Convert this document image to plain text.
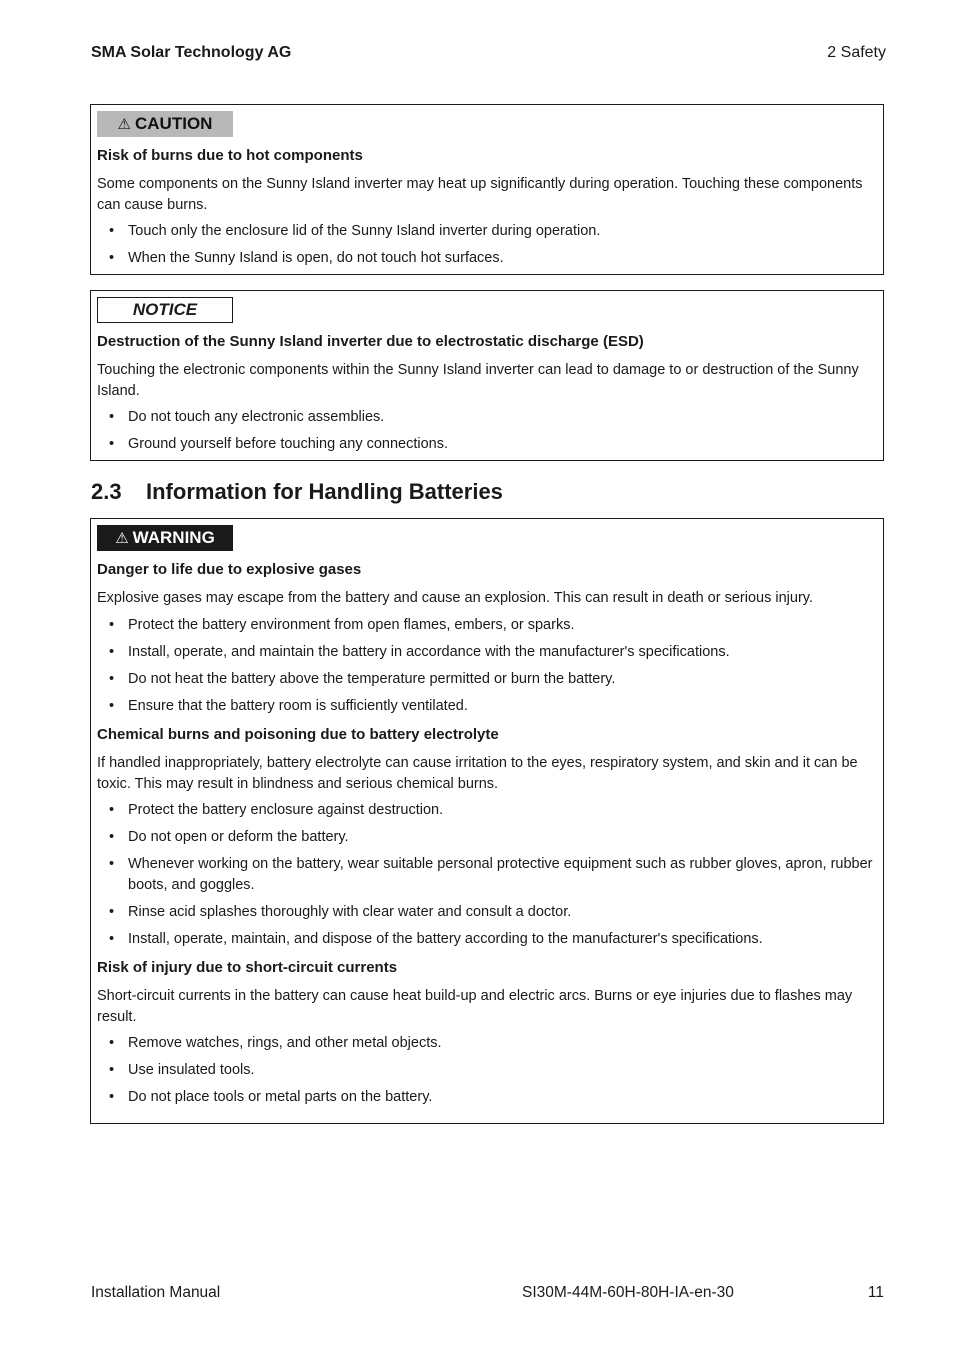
SMA Solar Technology AG	2 Safety
⚠ CAUTION
Risk of burns due to hot components

Some components on the Sunny Island inverter may heat up significantly during operation. Touching these components can cause burns.

• Touch only the enclosure lid of the Sunny Island inverter during operation.
• When the Sunny Island is open, do not touch hot surfaces.
NOTICE
Destruction of the Sunny Island inverter due to electrostatic discharge (ESD)

Touching the electronic components within the Sunny Island inverter can lead to damage to or destruction of the Sunny Island.

• Do not touch any electronic assemblies.
• Ground yourself before touching any connections.
2.3 Information for Handling Batteries
⚠ WARNING
Danger to life due to explosive gases

Explosive gases may escape from the battery and cause an explosion. This can result in death or serious injury.

• Protect the battery environment from open flames, embers, or sparks.
• Install, operate, and maintain the battery in accordance with the manufacturer's specifications.
• Do not heat the battery above the temperature permitted or burn the battery.
• Ensure that the battery room is sufficiently ventilated.
Chemical burns and poisoning due to battery electrolyte

If handled inappropriately, battery electrolyte can cause irritation to the eyes, respiratory system, and skin and it can be toxic. This may result in blindness and serious chemical burns.

• Protect the battery enclosure against destruction.
• Do not open or deform the battery.
• Whenever working on the battery, wear suitable personal protective equipment such as rubber gloves, apron, rubber boots, and goggles.
• Rinse acid splashes thoroughly with clear water and consult a doctor.
• Install, operate, maintain, and dispose of the battery according to the manufacturer's specifications.
Risk of injury due to short-circuit currents

Short-circuit currents in the battery can cause heat build-up and electric arcs. Burns or eye injuries due to flashes may result.

• Remove watches, rings, and other metal objects.
• Use insulated tools.
• Do not place tools or metal parts on the battery.
Installation Manual	SI30M-44M-60H-80H-IA-en-30	11
